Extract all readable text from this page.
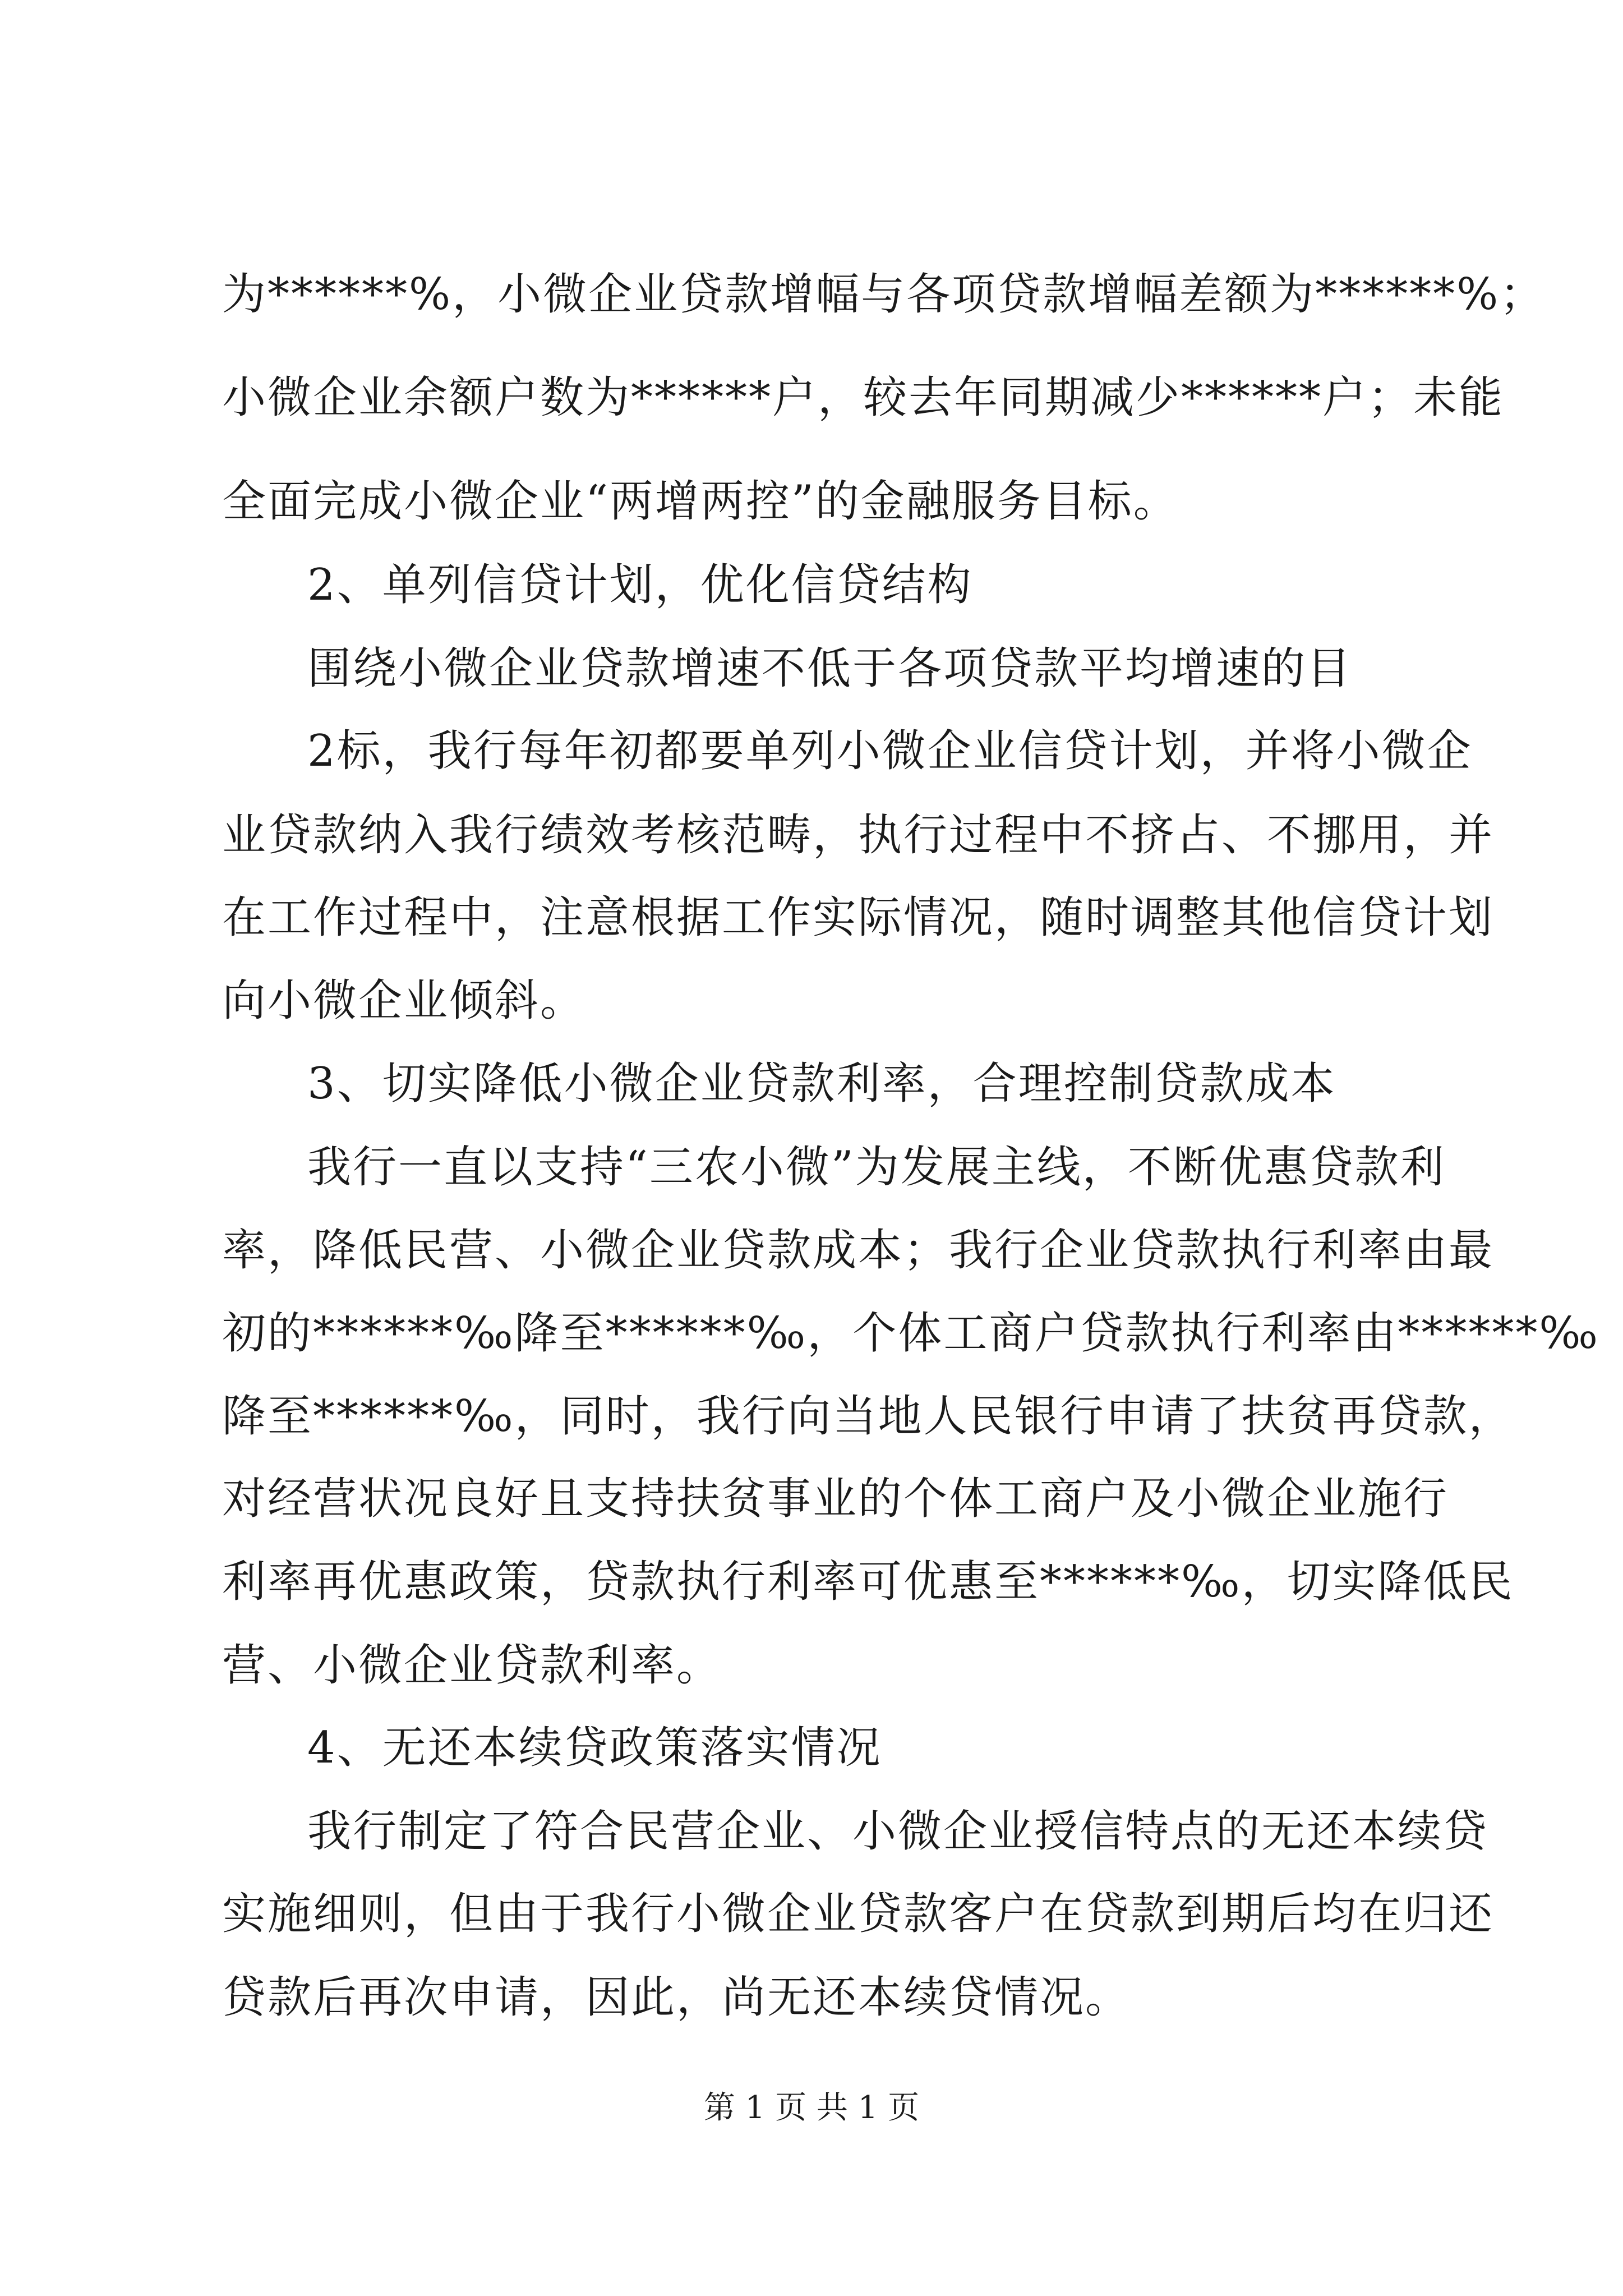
为******%，小微企业贷款增幅与各项贷款增幅差额为******%；
小微企业余额户数为******户，较去年同期减少******户；未能
全面完成小微企业“两增两控”的金融服务目标。
2、单列信贷计划，优化信贷结构
围绕小微企业贷款增速不低于各项贷款平均增速的目
2标，我行每年初都要单列小微企业信贷计划，并将小微企
业贷款纳入我行绩效考核范畴，执行过程中不挤占、不挪用，并
在工作过程中，注意根据工作实际情况，随时调整其他信贷计划
向小微企业倾斜。
3、切实降低小微企业贷款利率，合理控制贷款成本
我行一直以支持“三农小微”为发展主线，不断优惠贷款利
率，降低民营、小微企业贷款成本；我行企业贷款执行利率由最
初的******‰降至******‰，个体工商户贷款执行利率由******‰
降至******‰，同时，我行向当地人民银行申请了扶贫再贷款，
对经营状况良好且支持扶贫事业的个体工商户及小微企业施行
利率再优惠政策，贷款执行利率可优惠至******‰，切实降低民
营、小微企业贷款利率。
4、无还本续贷政策落实情况
我行制定了符合民营企业、小微企业授信特点的无还本续贷
实施细则，但由于我行小微企业贷款客户在贷款到期后均在归还
贷款后再次申请，因此，尚无还本续贷情况。
第 1 页 共 1 页
